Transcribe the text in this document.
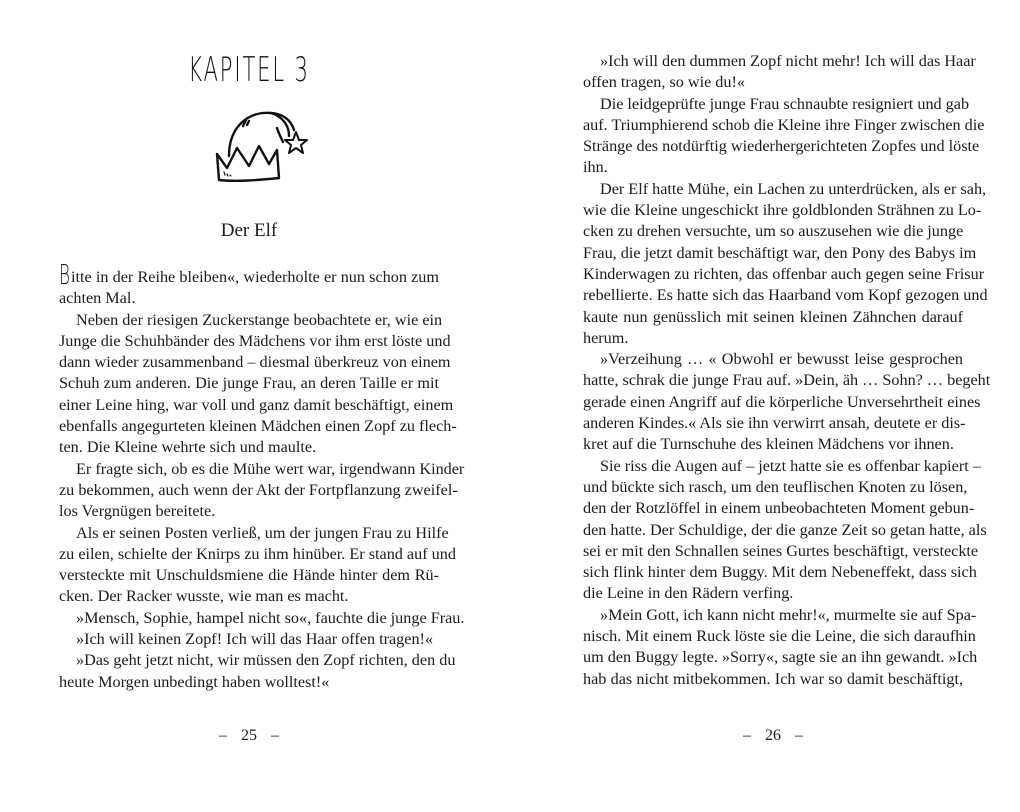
KAPITEL 3
Der Elf
Bitte in der Reihe bleiben«, wiederholte er nun schon zum
achten Mal.
Neben der riesigen Zuckerstange beobachtete er, wie ein
Junge die Schuhbänder des Mädchens vor ihm erst löste und
dann wieder zusammenband – diesmal überkreuz von einem
Schuh zum anderen. Die junge Frau, an deren Taille er mit
einer Leine hing, war voll und ganz damit beschäftigt, einem
ebenfalls angegurteten kleinen Mädchen einen Zopf zu flech-
ten. Die Kleine wehrte sich und maulte.
Er fragte sich, ob es die Mühe wert war, irgendwann Kinder
zu bekommen, auch wenn der Akt der Fortpflanzung zweifel-
los Vergnügen bereitete.
Als er seinen Posten verließ, um der jungen Frau zu Hilfe
zu eilen, schielte der Knirps zu ihm hinüber. Er stand auf und
versteckte mit Unschuldsmiene die Hände hinter dem Rü-
cken. Der Racker wusste, wie man es macht.
»Mensch, Sophie, hampel nicht so«, fauchte die junge Frau.
»Ich will keinen Zopf! Ich will das Haar offen tragen!«
»Das geht jetzt nicht, wir müssen den Zopf richten, den du
heute Morgen unbedingt haben wolltest!«
– 25 –
»Ich will den dummen Zopf nicht mehr! Ich will das Haar
offen tragen, so wie du!«
Die leidgeprüfte junge Frau schnaubte resigniert und gab
auf. Triumphierend schob die Kleine ihre Finger zwischen die
Stränge des notdürftig wiederhergerichteten Zopfes und löste
ihn.
Der Elf hatte Mühe, ein Lachen zu unterdrücken, als er sah,
wie die Kleine ungeschickt ihre goldblonden Strähnen zu Lo-
cken zu drehen versuchte, um so auszusehen wie die junge
Frau, die jetzt damit beschäftigt war, den Pony des Babys im
Kinderwagen zu richten, das offenbar auch gegen seine Frisur
rebellierte. Es hatte sich das Haarband vom Kopf gezogen und
kaute nun genüsslich mit seinen kleinen Zähnchen darauf
herum.
»Verzeihung … « Obwohl er bewusst leise gesprochen
hatte, schrak die junge Frau auf. »Dein, äh … Sohn? … begeht
gerade einen Angriff auf die körperliche Unversehrtheit eines
anderen Kindes.« Als sie ihn verwirrt ansah, deutete er dis-
kret auf die Turnschuhe des kleinen Mädchens vor ihnen.
Sie riss die Augen auf – jetzt hatte sie es offenbar kapiert –
und bückte sich rasch, um den teuflischen Knoten zu lösen,
den der Rotzlöffel in einem unbeobachteten Moment gebun-
den hatte. Der Schuldige, der die ganze Zeit so getan hatte, als
sei er mit den Schnallen seines Gurtes beschäftigt, versteckte
sich flink hinter dem Buggy. Mit dem Nebeneffekt, dass sich
die Leine in den Rädern verfing.
»Mein Gott, ich kann nicht mehr!«, murmelte sie auf Spa-
nisch. Mit einem Ruck löste sie die Leine, die sich daraufhin
um den Buggy legte. »Sorry«, sagte sie an ihn gewandt. »Ich
hab das nicht mitbekommen. Ich war so damit beschäftigt,
– 26 –
